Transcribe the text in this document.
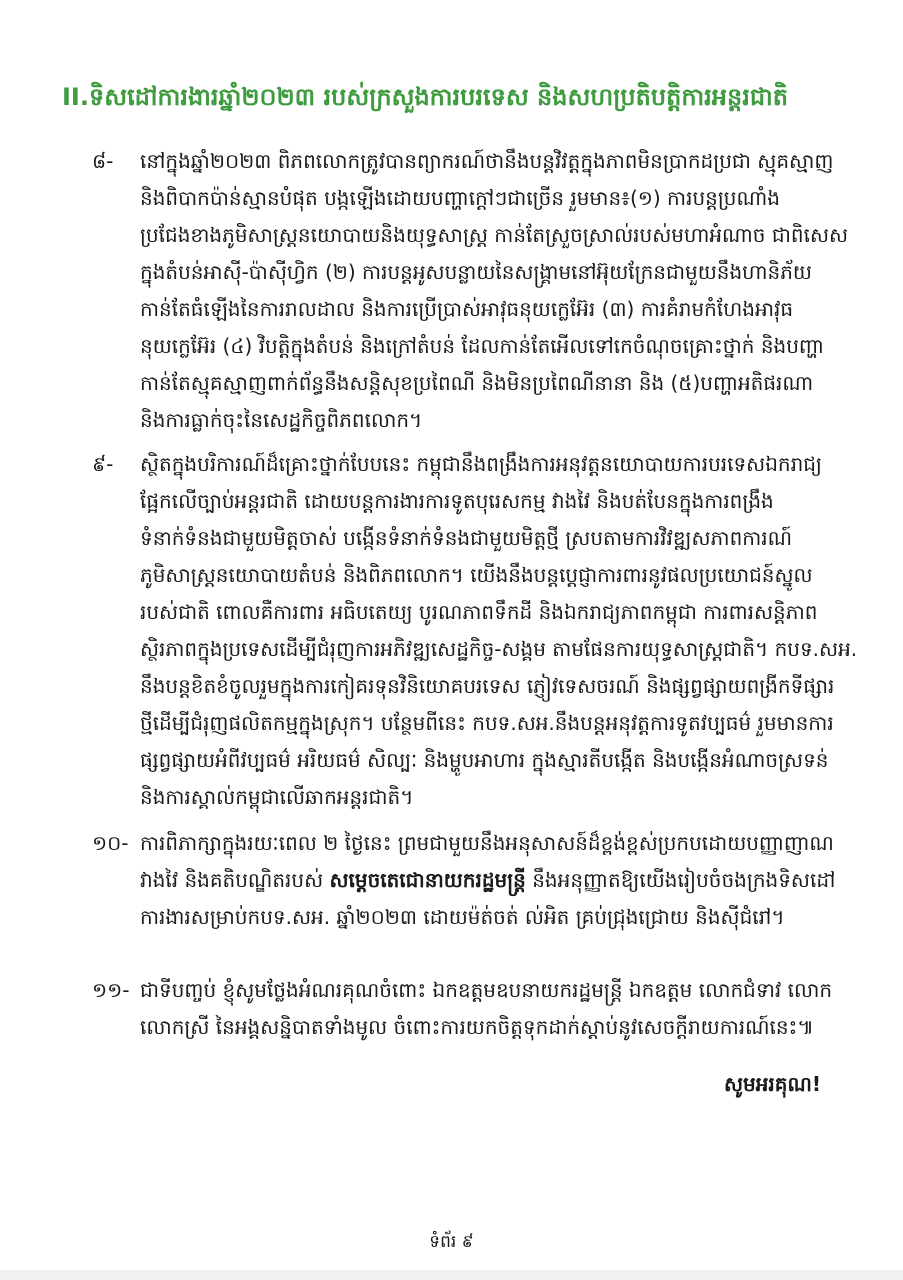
II.ទិសដៅការងារឆ្នាំ២០២៣ របស់ក្រសួងការបរទេស និងសហប្រតិបត្តិការអន្តរជាតិ
៨-	នៅក្នុងឆ្នាំ២០២៣ ពិភពលោកត្រូវបានព្យាករណ៍ថានឹងបន្តវិវត្តក្នុងភាពមិនប្រាកដប្រជា ស្មុគស្មាញ
និងពិបាកប៉ាន់ស្មានបំផុត បង្កឡើងដោយបញ្ហាក្តៅៗជាច្រើន រួមមាន៖(១) ការបន្តប្រណាំង
ប្រជែងខាងភូមិសាស្ត្រនយោបាយនិងយុទ្ធសាស្ត្រ កាន់តែស្រួចស្រាល់របស់មហាអំណាច ជាពិសេស
ក្នុងតំបន់អាស៊ី-ប៉ាស៊ីហ្វិក (២) ការបន្តអូសបន្លាយនៃសង្គ្រាមនៅអ៊ុយក្រែនជាមួយនឹងហានិភ័យ
កាន់តែធំឡើងនៃការរាលដាល និងការប្រើប្រាស់អាវុធនុយក្លេអ៊ែរ (៣) ការគំរាមកំហែងអាវុធ
នុយក្លេអ៊ែរ (៤) វិបត្តិក្នុងតំបន់ និងក្រៅតំបន់ ដែលកាន់តែអើលទៅកេចំណុចគ្រោះថ្នាក់ និងបញ្ហា
កាន់តែស្មុគស្មាញពាក់ព័ន្ធនឹងសន្តិសុខប្រពៃណី និងមិនប្រពៃណីនានា និង (៥)បញ្ហាអតិផរណា
និងការធ្លាក់ចុះនៃសេដ្ឋកិច្ចពិភពលោក។
៩-	ស្ថិតក្នុងបរិការណ៍ដ៏គ្រោះថ្នាក់បែបនេះ កម្ពុជានឹងពង្រឹងការអនុវត្តនយោបាយការបរទេសឯករាជ្យ
ផ្អែកលើច្បាប់អន្តរជាតិ ដោយបន្តការងារការទូតបុរេសកម្ម វាងវៃ និងបត់បែនក្នុងការពង្រឹង
ទំនាក់ទំនងជាមួយមិត្តចាស់ បង្កើនទំនាក់ទំនងជាមួយមិត្តថ្មី ស្របតាមការវិវឌ្ឍសភាពការណ៍
ភូមិសាស្ត្រនយោបាយតំបន់ និងពិភពលោក។ យើងនឹងបន្តប្តេជ្ញាការពារនូវផលប្រយោជន៍ស្នូល
របស់ជាតិ ពោលគឺការពារ អធិបតេយ្យ បូរណភាពទឹកដី និងឯករាជ្យភាពកម្ពុជា ការពារសន្តិភាព
ស្ថិរភាពក្នុងប្រទេសដើម្បីជំរុញការអភិវឌ្ឍសេដ្ឋកិច្ច-សង្គម តាមផែនការយុទ្ធសាស្ត្រជាតិ។ កបទ.សអ.
នឹងបន្តខិតខំចូលរួមក្នុងការកៀគរទុនវិនិយោគបរទេស ភ្ញៀវទេសចរណ៍ និងផ្សព្វផ្សាយពង្រីកទីផ្សារ
ថ្មីដើម្បីជំរុញផលិតកម្មក្នុងស្រុក។ បន្ថែមពីនេះ កបទ.សអ.នឹងបន្តអនុវត្តការទូតវប្បធម៌ រួមមានការ
ផ្សព្វផ្សាយអំពីវប្បធម៌ អរិយធម៌ សិល្បៈ និងម្ហូបអាហារ ក្នុងស្មារតីបង្កើត និងបង្កើនអំណាចស្រទន់
និងការស្គាល់កម្ពុជាលើឆាកអន្តរជាតិ។
១០- ការពិភាក្សាក្នុងរយៈពេល ២ ថ្ងៃនេះ ព្រមជាមួយនឹងអនុសាសន៍ដ៏ខ្ពង់ខ្ពស់ប្រកបដោយបញ្ញាញាណ
វាងវៃ និងគតិបណ្ឌិតរបស់ សម្តេចតេជោនាយករដ្ឋមន្ត្រី នឹងអនុញ្ញាតឱ្យយើងរៀបចំចងក្រងទិសដៅ
ការងារសម្រាប់កបទ.សអ. ឆ្នាំ២០២៣ ដោយម៉ត់ចត់ ល់អិត គ្រប់ជ្រុងជ្រោយ និងស៊ីជំរៅ។
១១- ជាទីបញ្ចប់ ខ្ញុំសូមថ្លែងអំណរគុណចំពោះ ឯកឧត្តមឧបនាយករដ្ឋមន្ត្រី ឯកឧត្តម លោកជំទាវ លោក
លោកស្រី នៃអង្គសន្និបាតទាំងមូល ចំពោះការយកចិត្តទុកដាក់ស្តាប់នូវសេចក្តីរាយការណ៍នេះ៕
សូមអរគុណ!
ទំព័រ ៩
